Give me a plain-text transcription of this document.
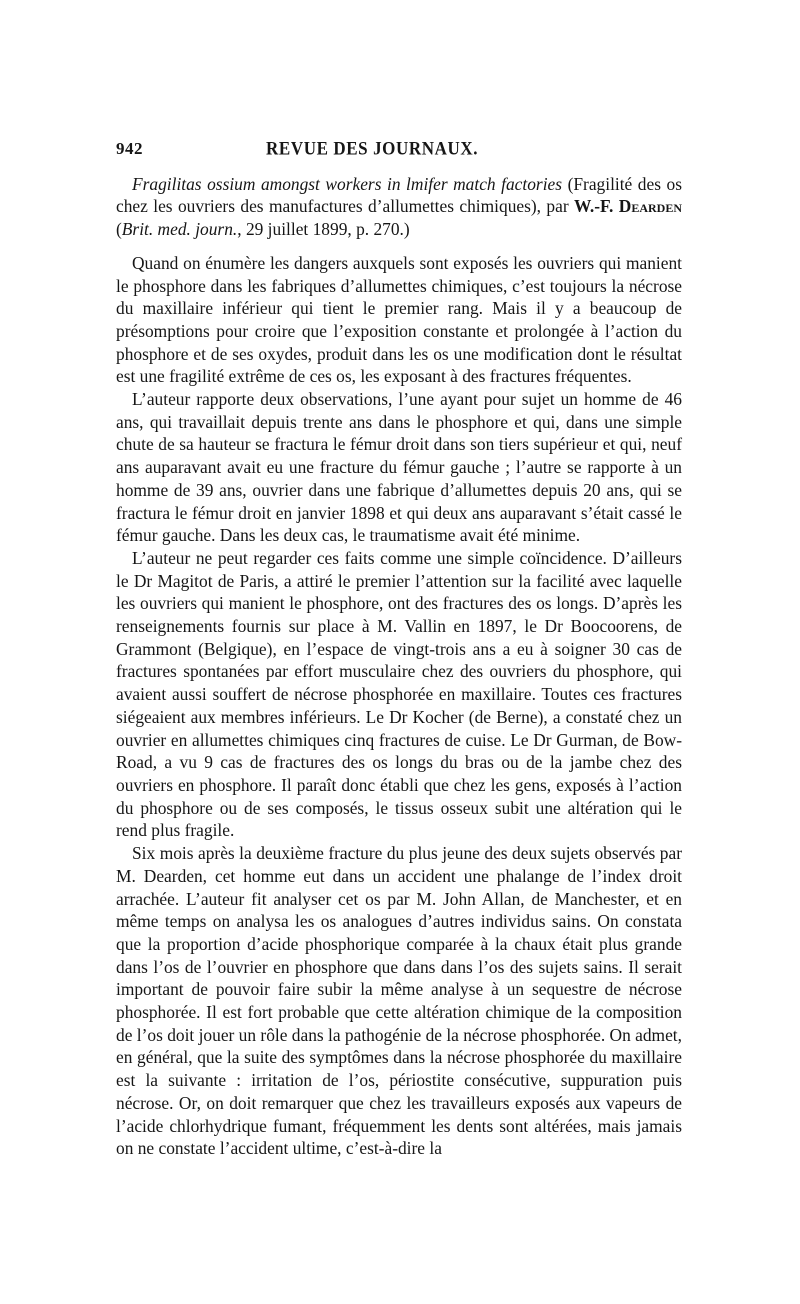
942	REVUE DES JOURNAUX.

Fragilitas ossium amongst workers in lmifer match factories (Fragilité des os chez les ouvriers des manufactures d’allumettes chimiques), par W.-F. Dearden (Brit. med. journ., 29 juillet 1899, p. 270.)

Quand on énumère les dangers auxquels sont exposés les ouvriers qui manient le phosphore dans les fabriques d’allumettes chimiques, c’est toujours la nécrose du maxillaire inférieur qui tient le premier rang. Mais il y a beaucoup de présomptions pour croire que l’exposition constante et prolongée à l’action du phosphore et de ses oxydes, produit dans les os une modification dont le résultat est une fragilité extrême de ces os, les exposant à des fractures fréquentes.

L’auteur rapporte deux observations, l’une ayant pour sujet un homme de 46 ans, qui travaillait depuis trente ans dans le phosphore et qui, dans une simple chute de sa hauteur se fractura le fémur droit dans son tiers supérieur et qui, neuf ans auparavant avait eu une fracture du fémur gauche ; l’autre se rapporte à un homme de 39 ans, ouvrier dans une fabrique d’allumettes depuis 20 ans, qui se fractura le fémur droit en janvier 1898 et qui deux ans auparavant s’était cassé le fémur gauche. Dans les deux cas, le traumatisme avait été minime.

L’auteur ne peut regarder ces faits comme une simple coïncidence. D’ailleurs le Dr Magitot de Paris, a attiré le premier l’attention sur la facilité avec laquelle les ouvriers qui manient le phosphore, ont des fractures des os longs. D’après les renseignements fournis sur place à M. Vallin en 1897, le Dr Boocoorens, de Grammont (Belgique), en l’espace de vingt-trois ans a eu à soigner 30 cas de fractures spontanées par effort musculaire chez des ouvriers du phosphore, qui avaient aussi souffert de nécrose phosphorée en maxillaire. Toutes ces fractures siégeaient aux membres inférieurs. Le Dr Kocher (de Berne), a constaté chez un ouvrier en allumettes chimiques cinq fractures de cuise. Le Dr Gurman, de Bow-Road, a vu 9 cas de fractures des os longs du bras ou de la jambe chez des ouvriers en phosphore. Il paraît donc établi que chez les gens, exposés à l’action du phosphore ou de ses composés, le tissus osseux subit une altération qui le rend plus fragile.

Six mois après la deuxième fracture du plus jeune des deux sujets observés par M. Dearden, cet homme eut dans un accident une phalange de l’index droit arrachée. L’auteur fit analyser cet os par M. John Allan, de Manchester, et en même temps on analysa les os analogues d’autres individus sains. On constata que la proportion d’acide phosphorique comparée à la chaux était plus grande dans l’os de l’ouvrier en phosphore que dans dans l’os des sujets sains. Il serait important de pouvoir faire subir la même analyse à un sequestre de nécrose phosphorée. Il est fort probable que cette altération chimique de la composition de l’os doit jouer un rôle dans la pathogénie de la nécrose phosphorée. On admet, en général, que la suite des symptômes dans la nécrose phosphorée du maxillaire est la suivante : irritation de l’os, périostite consécutive, suppuration puis nécrose. Or, on doit remarquer que chez les travailleurs exposés aux vapeurs de l’acide chlorhydrique fumant, fréquemment les dents sont altérées, mais jamais on ne constate l’accident ultime, c’est-à-dire la
